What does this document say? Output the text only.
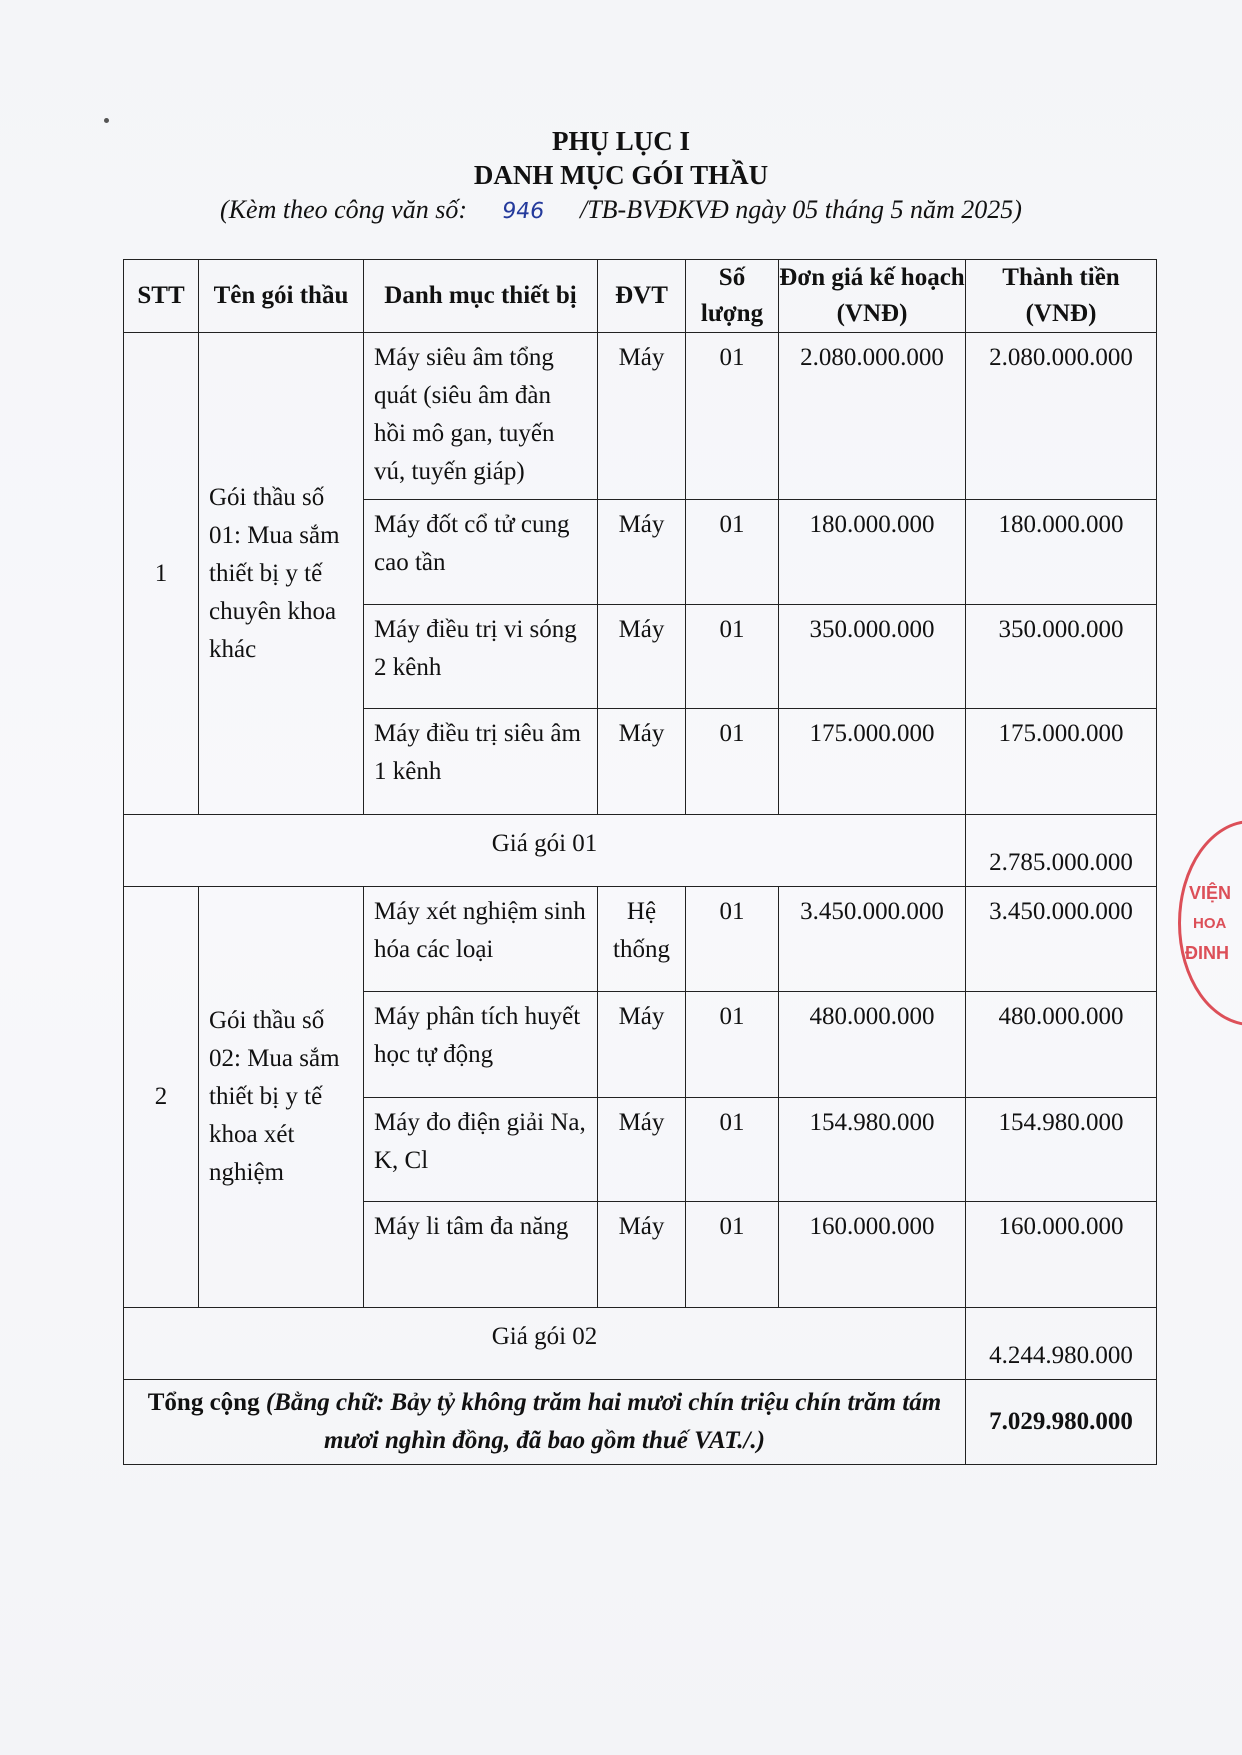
PHỤ LỤC I
DANH MỤC GÓI THẦU
(Kèm theo công văn số: 946 /TB-BVĐKVĐ ngày 05 tháng 5 năm 2025)
STT	Tên gói thầu	Danh mục thiết bị	ĐVT	Số lượng	Đơn giá kế hoạch (VNĐ)	Thành tiền (VNĐ)
1	Gói thầu số 01: Mua sắm thiết bị y tế chuyên khoa khác	Máy siêu âm tổng quát (siêu âm đàn hồi mô gan, tuyến vú, tuyến giáp)	Máy	01	2.080.000.000	2.080.000.000
		Máy đốt cổ tử cung cao tần	Máy	01	180.000.000	180.000.000
		Máy điều trị vi sóng 2 kênh	Máy	01	350.000.000	350.000.000
		Máy điều trị siêu âm 1 kênh	Máy	01	175.000.000	175.000.000
Giá gói 01						2.785.000.000
2	Gói thầu số 02: Mua sắm thiết bị y tế khoa xét nghiệm	Máy xét nghiệm sinh hóa các loại	Hệ thống	01	3.450.000.000	3.450.000.000
		Máy phân tích huyết học tự động	Máy	01	480.000.000	480.000.000
		Máy đo điện giải Na, K, Cl	Máy	01	154.980.000	154.980.000
		Máy li tâm đa năng	Máy	01	160.000.000	160.000.000
Giá gói 02						4.244.980.000
Tổng cộng (Bằng chữ: Bảy tỷ không trăm hai mươi chín triệu chín trăm tám mươi nghìn đồng, đã bao gồm thuế VAT./.)						7.029.980.000
VIỆN
HOA
ĐINH
